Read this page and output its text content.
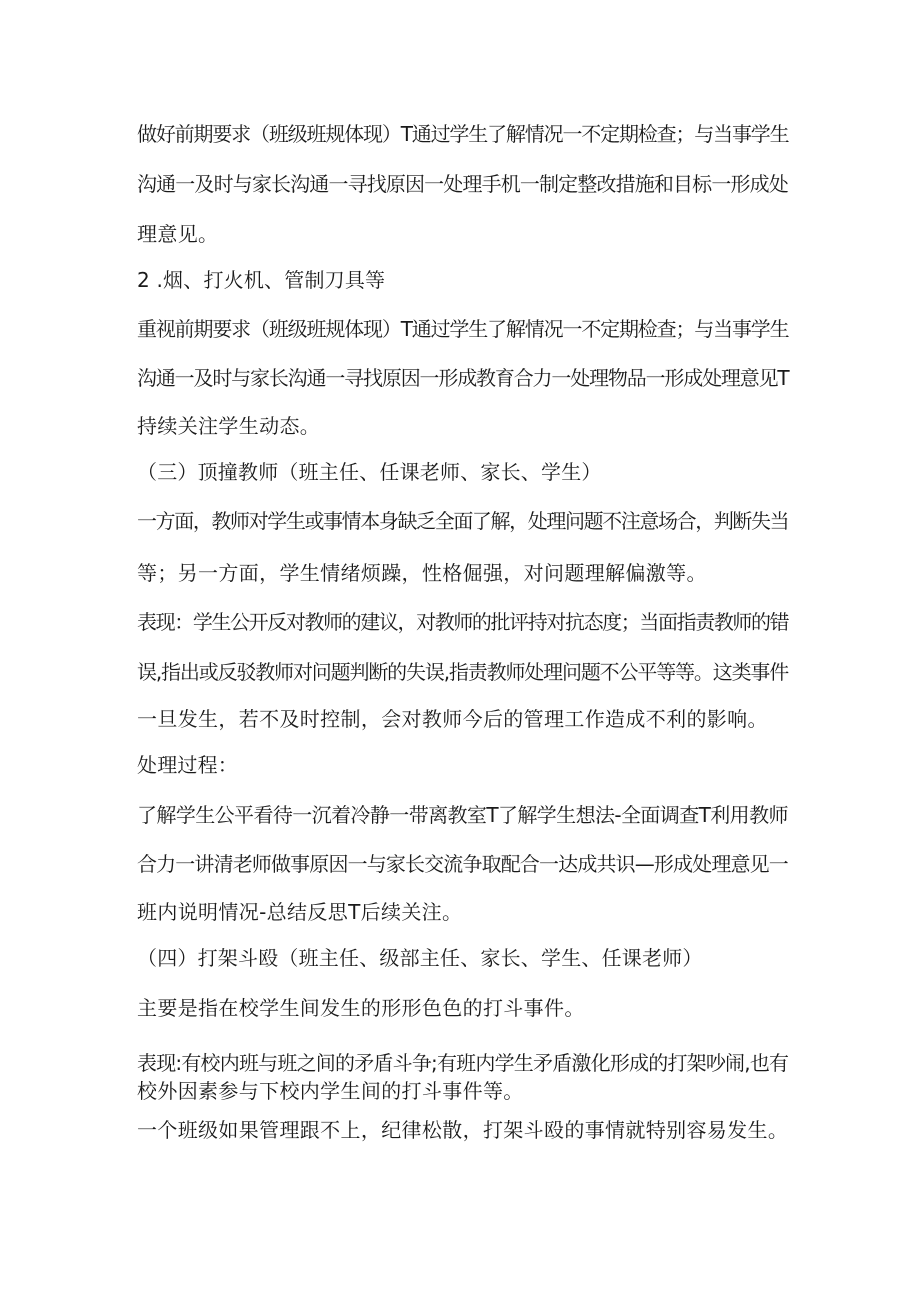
做好前期要求（班级班规体现）T通过学生了解情况一不定期检查；与当事学生
沟通一及时与家长沟通一寻找原因一处理手机一制定整改措施和目标一形成处
理意见。
2 .烟、打火机、管制刀具等
重视前期要求（班级班规体现）T通过学生了解情况一不定期检查；与当事学生
沟通一及时与家长沟通一寻找原因一形成教育合力一处理物品一形成处理意见T
持续关注学生动态。
（三）顶撞教师（班主任、任课老师、家长、学生）
一方面，教师对学生或事情本身缺乏全面了解，处理问题不注意场合，判断失当
等；另一方面，学生情绪烦躁，性格倔强，对问题理解偏激等。
表现：学生公开反对教师的建议，对教师的批评持对抗态度；当面指责教师的错
误,指出或反驳教师对问题判断的失误,指责教师处理问题不公平等等。这类事件
一旦发生，若不及时控制，会对教师今后的管理工作造成不利的影响。
处理过程：
了解学生公平看待一沉着冷静一带离教室T了解学生想法-全面调查T利用教师
合力一讲清老师做事原因一与家长交流争取配合一达成共识—形成处理意见一
班内说明情况-总结反思T后续关注。
（四）打架斗殴（班主任、级部主任、家长、学生、任课老师）
主要是指在校学生间发生的形形色色的打斗事件。
表现:有校内班与班之间的矛盾斗争;有班内学生矛盾激化形成的打架吵闹,也有
校外因素参与下校内学生间的打斗事件等。
一个班级如果管理跟不上，纪律松散，打架斗殴的事情就特别容易发生。
